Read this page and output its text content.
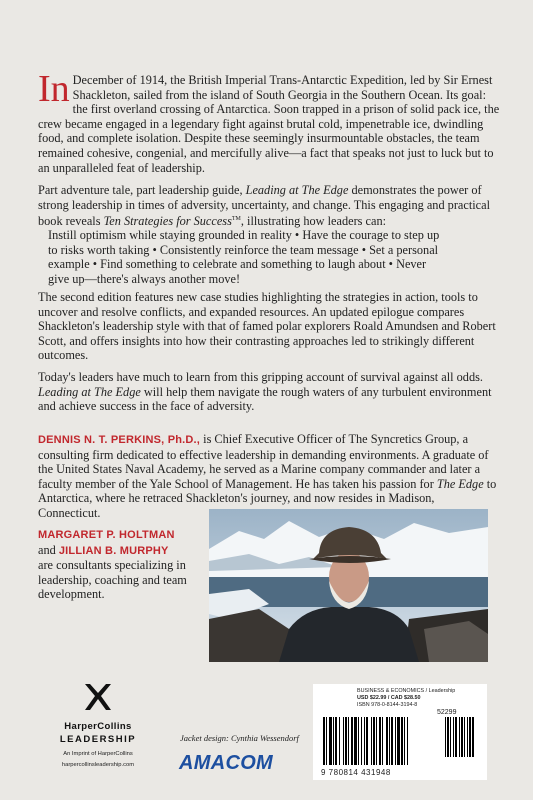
In December of 1914, the British Imperial Trans-Antarctic Expedition, led by Sir Ernest Shackleton, sailed from the island of South Georgia in the Southern Ocean. Its goal: the first overland crossing of Antarctica. Soon trapped in a prison of solid pack ice, the crew became engaged in a legendary fight against brutal cold, impenetrable ice, dwindling food, and complete isolation. Despite these seemingly insurmountable obstacles, the team remained cohesive, congenial, and mercifully alive—a fact that speaks not just to luck but to an unparalleled feat of leadership.

Part adventure tale, part leadership guide, Leading at The Edge demonstrates the power of strong leadership in times of adversity, uncertainty, and change. This engaging and practical book reveals Ten Strategies for Success™, illustrating how leaders can:

Instill optimism while staying grounded in reality • Have the courage to step up to risks worth taking • Consistently reinforce the team message • Set a personal example • Find something to celebrate and something to laugh about • Never give up—there's always another move!

The second edition features new case studies highlighting the strategies in action, tools to uncover and resolve conflicts, and expanded resources. An updated epilogue compares Shackleton's leadership style with that of famed polar explorers Roald Amundsen and Robert Scott, and offers insights into how their contrasting approaches led to strikingly different outcomes.

Today's leaders have much to learn from this gripping account of survival against all odds. Leading at The Edge will help them navigate the rough waters of any turbulent environment and achieve success in the face of adversity.

DENNIS N. T. PERKINS, Ph.D., is Chief Executive Officer of The Syncretics Group, a consulting firm dedicated to effective leadership in demanding environments. A graduate of the United States Naval Academy, he served as a Marine company commander and later a faculty member of the Yale School of Management. He has taken his passion for The Edge to Antarctica, where he retraced Shackleton's journey, and now resides in Madison, Connecticut.

MARGARET P. HOLTMAN
and JILLIAN B. MURPHY
are consultants specializing in leadership, coaching and team development.
HarperCollins
LEADERSHIP
An Imprint of HarperCollins
harpercollinsleadership.com
Jacket design: Cynthia Wessendorf
AMACOM
BUSINESS & ECONOMICS / Leadership
USD $22.99 / CAD $28.50
ISBN 978-0-8144-3194-8
52299
9 780814 431948
